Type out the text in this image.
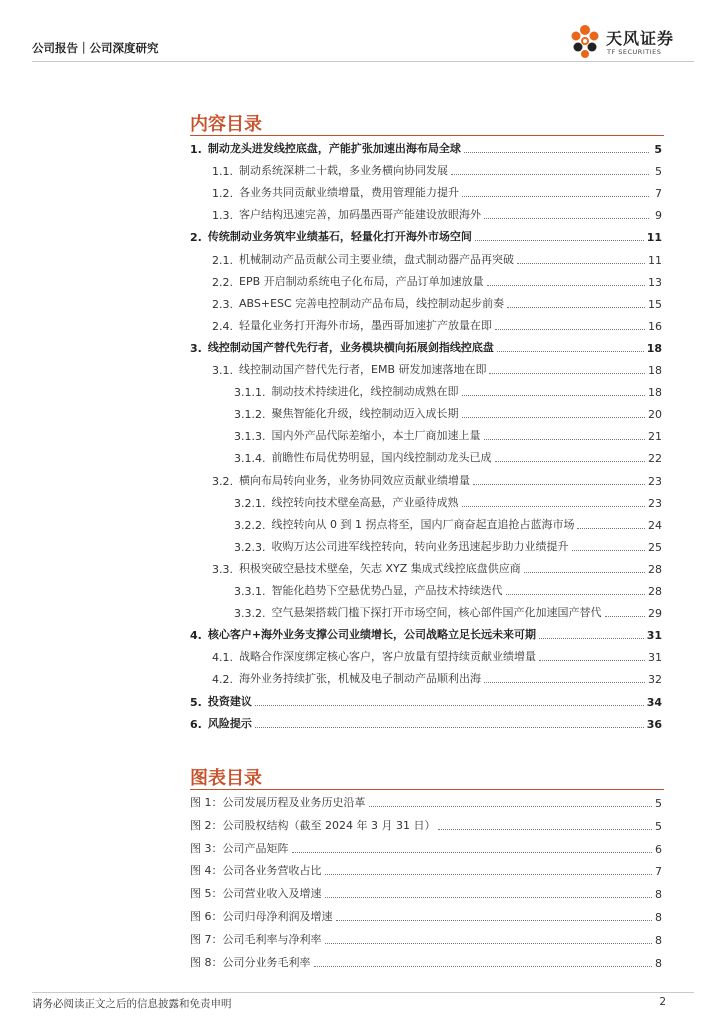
公司报告｜公司深度研究	天风证券
TF SECURITIES
内容目录
1. 制动龙头进发线控底盘，产能扩张加速出海布局全球	5
1.1. 制动系统深耕二十载，多业务横向协同发展	5
1.2. 各业务共同贡献业绩增量，费用管理能力提升	7
1.3. 客户结构迅速完善，加码墨西哥产能建设放眼海外	9
2. 传统制动业务筑牢业绩基石，轻量化打开海外市场空间	11
2.1. 机械制动产品贡献公司主要业绩，盘式制动器产品再突破	11
2.2. EPB 开启制动系统电子化布局，产品订单加速放量	13
2.3. ABS+ESC 完善电控制动产品布局，线控制动起步前奏	15
2.4. 轻量化业务打开海外市场，墨西哥加速扩产放量在即	16
3. 线控制动国产替代先行者，业务模块横向拓展剑指线控底盘	18
3.1. 线控制动国产替代先行者，EMB 研发加速落地在即	18
3.1.1. 制动技术持续进化，线控制动成熟在即	18
3.1.2. 聚焦智能化升级，线控制动迈入成长期	20
3.1.3. 国内外产品代际差缩小，本土厂商加速上量	21
3.1.4. 前瞻性布局优势明显，国内线控制动龙头已成	22
3.2. 横向布局转向业务，业务协同效应贡献业绩增量	23
3.2.1. 线控转向技术壁垒高悬，产业亟待成熟	23
3.2.2. 线控转向从 0 到 1 拐点将至，国内厂商奋起直追抢占蓝海市场	24
3.2.3. 收购万达公司进军线控转向，转向业务迅速起步助力业绩提升	25
3.3. 积极突破空悬技术壁垒，矢志 XYZ 集成式线控底盘供应商	28
3.3.1. 智能化趋势下空悬优势凸显，产品技术持续迭代	28
3.3.2. 空气悬架搭载门槛下探打开市场空间，核心部件国产化加速国产替代	29
4. 核心客户+海外业务支撑公司业绩增长，公司战略立足长远未来可期	31
4.1. 战略合作深度绑定核心客户，客户放量有望持续贡献业绩增量	31
4.2. 海外业务持续扩张，机械及电子制动产品顺利出海	32
5. 投资建议	34
6. 风险提示	36
图表目录
图 1：公司发展历程及业务历史沿革	5
图 2：公司股权结构（截至 2024 年 3 月 31 日）	5
图 3：公司产品矩阵	6
图 4：公司各业务营收占比	7
图 5：公司营业收入及增速	8
图 6：公司归母净利润及增速	8
图 7：公司毛利率与净利率	8
图 8：公司分业务毛利率	8
请务必阅读正文之后的信息披露和免责申明	2
